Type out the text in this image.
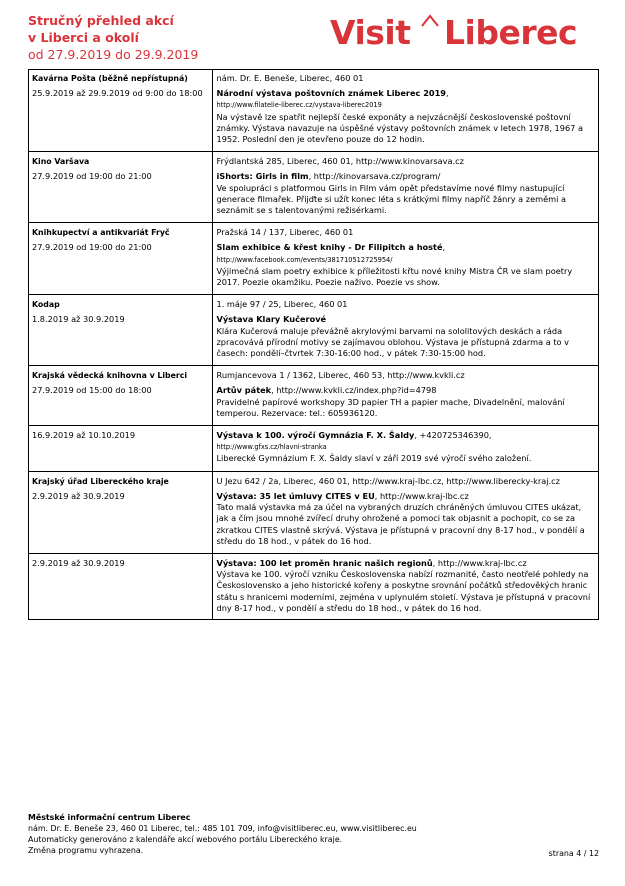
Stručný přehled akcí
v Liberci a okolí
od 27.9.2019 do 29.9.2019
Visit Liberec
Kavárna Pošta (běžně nepřístupná)	nám. Dr. E. Beneše, Liberec, 460 01
25.9.2019 až 29.9.2019 od 9:00 do 18:00	Národní výstava poštovních známek Liberec 2019,
http://www.filatelie-liberec.cz/vystava-liberec2019
Na výstavě lze spatřit nejlepší české exponáty a nejvzácnější československé poštovní známky. Výstava navazuje na úspěšné výstavy poštovních známek v letech 1978, 1967 a 1952. Poslední den je otevřeno pouze do 12 hodin.
Kino Varšava	Frýdlantská 285, Liberec, 460 01, http://www.kinovarsava.cz
27.9.2019 od 19:00 do 21:00	iShorts: Girls in film, http://kinovarsava.cz/program/
Ve spolupráci s platformou Girls in Film vám opět představíme nové filmy nastupující generace filmařek. Přijďte si užít konec léta s krátkými filmy napříč žánry a zeměmi a seznámit se s talentovanými režisérkami.
Knihkupectví a antikvariát Fryč	Pražská 14 / 137, Liberec, 460 01
27.9.2019 od 19:00 do 21:00	Slam exhibice & křest knihy - Dr Filipitch a hosté,
http://www.facebook.com/events/381710512725954/
Výjimečná slam poetry exhibice k příležitosti křtu nové knihy Mistra ČR ve slam poetry 2017. Poezie okamžiku. Poezie naživo. Poezie vs show.
Kodap	1. máje 97 / 25, Liberec, 460 01
1.8.2019 až 30.9.2019	Výstava Klary Kučerové
Klára Kučerová maluje převážně akrylovými barvami na sololitových deskách a ráda zpracovává přírodní motivy se zajímavou oblohou. Výstava je přístupná zdarma a to v časech: pondělí–čtvrtek 7:30-16:00 hod., v pátek 7:30-15:00 hod.
Krajská vědecká knihovna v Liberci	Rumjancevova 1 / 1362, Liberec, 460 53, http://www.kvkli.cz
27.9.2019 od 15:00 do 18:00	Artův pátek, http://www.kvkli.cz/index.php?id=4798
Pravidelné papírové workshopy 3D papier TH a papier mache, Divadelnění, malování temperou. Rezervace: tel.: 605936120.
16.9.2019 až 10.10.2019	Výstava k 100. výročí Gymnázia F. X. Šaldy, +420725346390,
http://www.gfxs.cz/hlavni-stranka
Liberecké Gymnázium F. X. Šaldy slaví v září 2019 své výročí svého založení.
Krajský úřad Libereckého kraje	U Jezu 642 / 2a, Liberec, 460 01, http://www.kraj-lbc.cz, http://www.liberecky-kraj.cz
2.9.2019 až 30.9.2019	Výstava: 35 let úmluvy CITES v EU, http://www.kraj-lbc.cz
Tato malá výstavka má za účel na vybraných druzích chráněných úmluvou CITES ukázat, jak a čím jsou mnohé zvířecí druhy ohrožené a pomoci tak objasnit a pochopit, co se za zkratkou CITES vlastně skrývá. Výstava je přístupná v pracovní dny 8-17 hod., v pondělí a středu do 18 hod., v pátek do 16 hod.
2.9.2019 až 30.9.2019	Výstava: 100 let proměn hranic našich regionů, http://www.kraj-lbc.cz
Výstava ke 100. výročí vzniku Československa nabízí rozmanité, často neotřelé pohledy na Československo a jeho historické kořeny a poskytne srovnání počátků středověkých hranic státu s hranicemi moderními, zejména v uplynulém století. Výstava je přístupná v pracovní dny 8-17 hod., v pondělí a středu do 18 hod., v pátek do 16 hod.
Městské informační centrum Liberec
nám. Dr. E. Beneše 23, 460 01 Liberec, tel.: 485 101 709, info@visitliberec.eu, www.visitliberec.eu
Automaticky generováno z kalendáře akcí webového portálu Libereckého kraje.
Změna programu vyhrazena.	strana 4 / 12
